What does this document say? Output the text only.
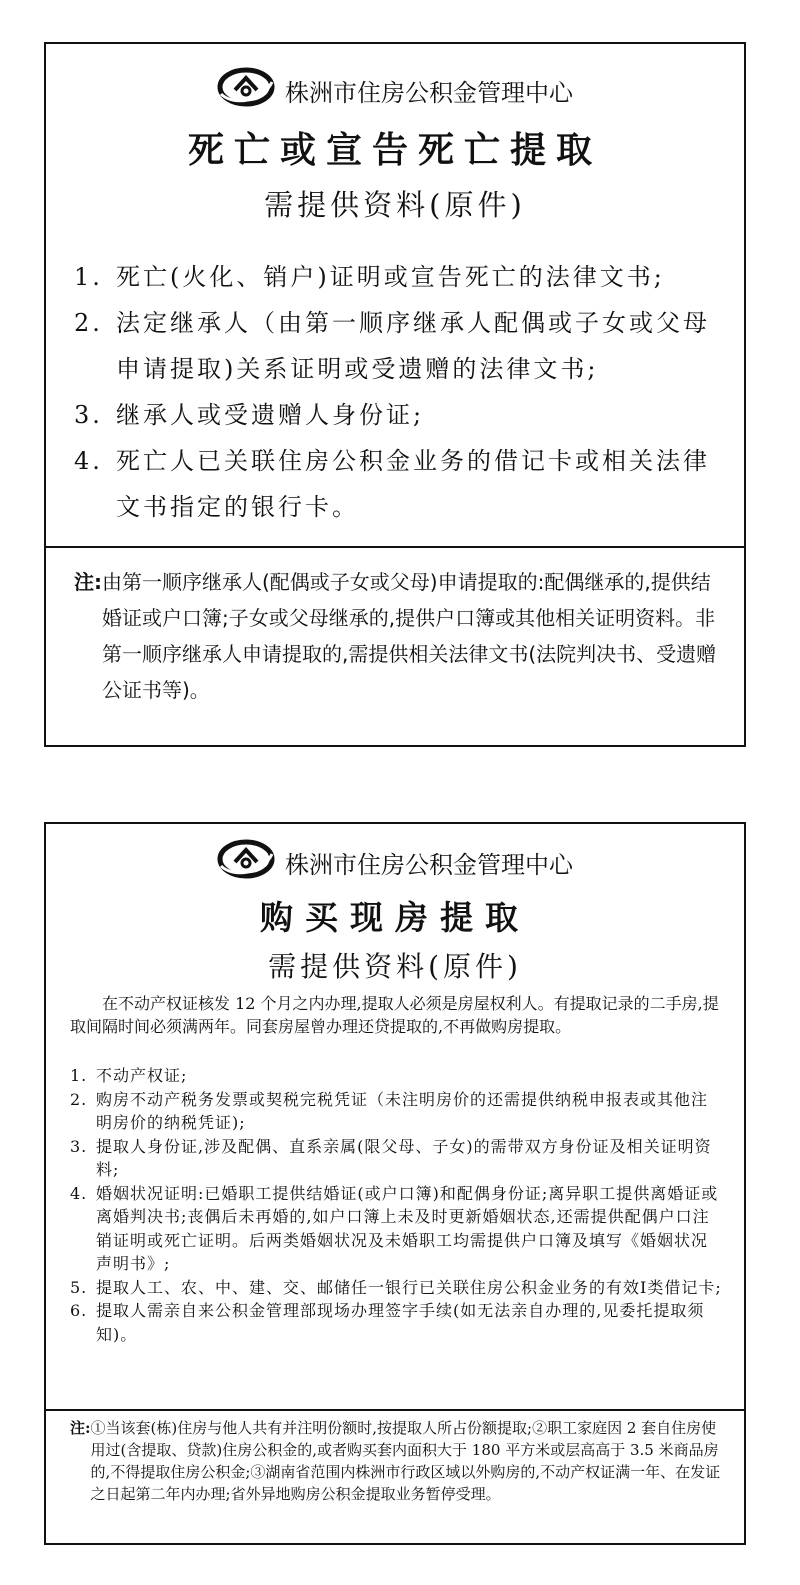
株洲市住房公积金管理中心
死亡或宣告死亡提取
需提供资料(原件)
1. 死亡(火化、销户)证明或宣告死亡的法律文书;
2. 法定继承人（由第一顺序继承人配偶或子女或父母申请提取)关系证明或受遗赠的法律文书;
3. 继承人或受遗赠人身份证;
4. 死亡人已关联住房公积金业务的借记卡或相关法律文书指定的银行卡。
注: 由第一顺序继承人(配偶或子女或父母)申请提取的:配偶继承的,提供结婚证或户口簿;子女或父母继承的,提供户口簿或其他相关证明资料。非第一顺序继承人申请提取的,需提供相关法律文书(法院判决书、受遗赠公证书等)。
株洲市住房公积金管理中心
购买现房提取
需提供资料(原件)

在不动产权证核发 12 个月之内办理,提取人必须是房屋权利人。有提取记录的二手房,提取间隔时间必须满两年。同套房屋曾办理还贷提取的,不再做购房提取。

1. 不动产权证;
2. 购房不动产税务发票或契税完税凭证（未注明房价的还需提供纳税申报表或其他注明房价的纳税凭证);
3. 提取人身份证,涉及配偶、直系亲属(限父母、子女)的需带双方身份证及相关证明资料;
4. 婚姻状况证明:已婚职工提供结婚证(或户口簿)和配偶身份证;离异职工提供离婚证或离婚判决书;丧偶后未再婚的,如户口簿上未及时更新婚姻状态,还需提供配偶户口注销证明或死亡证明。后两类婚姻状况及未婚职工均需提供户口簿及填写《婚姻状况声明书》;
5. 提取人工、农、中、建、交、邮储任一银行已关联住房公积金业务的有效Ⅰ类借记卡;
6. 提取人需亲自来公积金管理部现场办理签字手续(如无法亲自办理的,见委托提取须知)。
注: ①当该套(栋)住房与他人共有并注明份额时,按提取人所占份额提取;②职工家庭因 2 套自住房使用过(含提取、贷款)住房公积金的,或者购买套内面积大于 180 平方米或层高高于 3.5 米商品房的,不得提取住房公积金;③湖南省范围内株洲市行政区域以外购房的,不动产权证满一年、在发证之日起第二年内办理;省外异地购房公积金提取业务暂停受理。
